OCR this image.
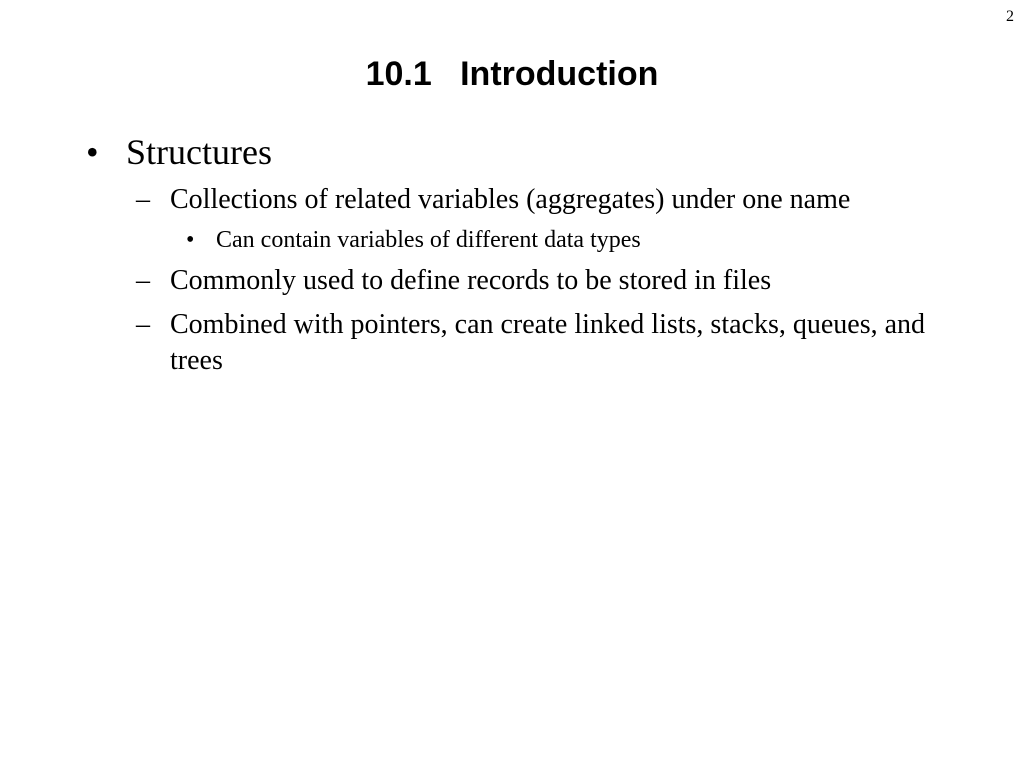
2
10.1   Introduction
• Structures
– Collections of related variables (aggregates) under one name
• Can contain variables of different data types
– Commonly used to define records to be stored in files
– Combined with pointers, can create linked lists, stacks, queues, and trees
